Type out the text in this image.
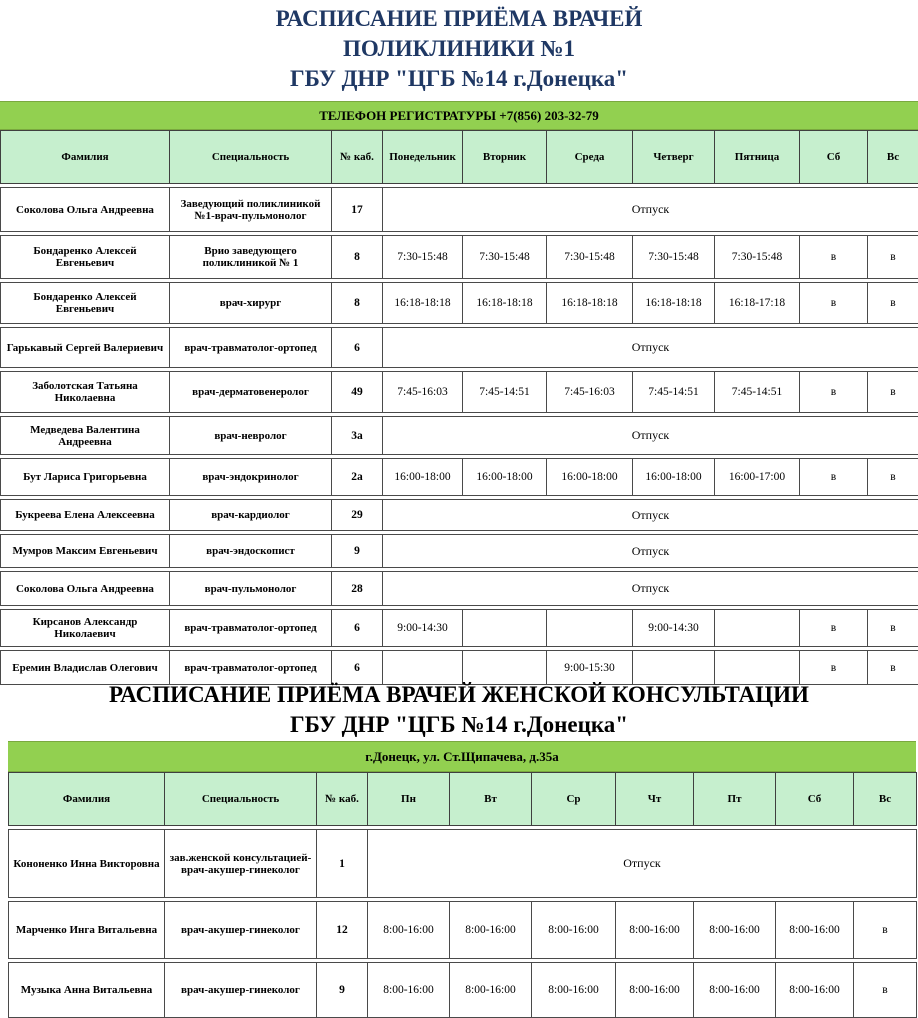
РАСПИСАНИЕ ПРИЁМА ВРАЧЕЙ
ПОЛИКЛИНИКИ №1
ГБУ ДНР "ЦГБ №14 г.Донецка"
ТЕЛЕФОН РЕГИСТРАТУРЫ +7(856) 203-32-79
Фамилия	Специальность	№ каб.	Понедельник	Вторник	Среда	Четверг	Пятница	Сб	Вс

Соколова Ольга Андреевна	Заведующий поликлиникой №1-врач-пульмонолог	17	Отпуск						

Бондаренко Алексей Евгеньевич	Врио заведующего поликлиникой № 1	8	7:30-15:48	7:30-15:48	7:30-15:48	7:30-15:48	7:30-15:48	в	в

Бондаренко Алексей Евгеньевич	врач-хирург	8	16:18-18:18	16:18-18:18	16:18-18:18	16:18-18:18	16:18-17:18	в	в

Гарькавый Сергей Валериевич	врач-травматолог-ортопед	6	Отпуск						

Заболотская Татьяна Николаевна	врач-дерматовенеролог	49	7:45-16:03	7:45-14:51	7:45-16:03	7:45-14:51	7:45-14:51	в	в

Медведева Валентина Андреевна	врач-невролог	3а	Отпуск						

Бут Лариса Григорьевна	врач-эндокринолог	2а	16:00-18:00	16:00-18:00	16:00-18:00	16:00-18:00	16:00-17:00	в	в

Букреева Елена Алексеевна	врач-кардиолог	29	Отпуск						

Мумров Максим Евгеньевич	врач-эндоскопист	9	Отпуск						

Соколова Ольга Андреевна	врач-пульмонолог	28	Отпуск						

Кирсанов Александр Николаевич	врач-травматолог-ортопед	6	9:00-14:30			9:00-14:30		в	в

Еремин Владислав Олегович	врач-травматолог-ортопед	6			9:00-15:30			в	в
РАСПИСАНИЕ ПРИЁМА ВРАЧЕЙ ЖЕНСКОЙ КОНСУЛЬТАЦИИ
ГБУ ДНР "ЦГБ №14 г.Донецка"
г.Донецк, ул. Ст.Щипачева, д.35а
Фамилия	Специальность	№ каб.	Пн	Вт	Ср	Чт	Пт	Сб	Вс

Кононенко Инна Викторовна	зав.женской консультацией-врач-акушер-гинеколог	1	Отпуск						

Марченко Инга Витальевна	врач-акушер-гинеколог	12	8:00-16:00	8:00-16:00	8:00-16:00	8:00-16:00	8:00-16:00	8:00-16:00	в

Музыка Анна Витальевна	врач-акушер-гинеколог	9	8:00-16:00	8:00-16:00	8:00-16:00	8:00-16:00	8:00-16:00	8:00-16:00	в
